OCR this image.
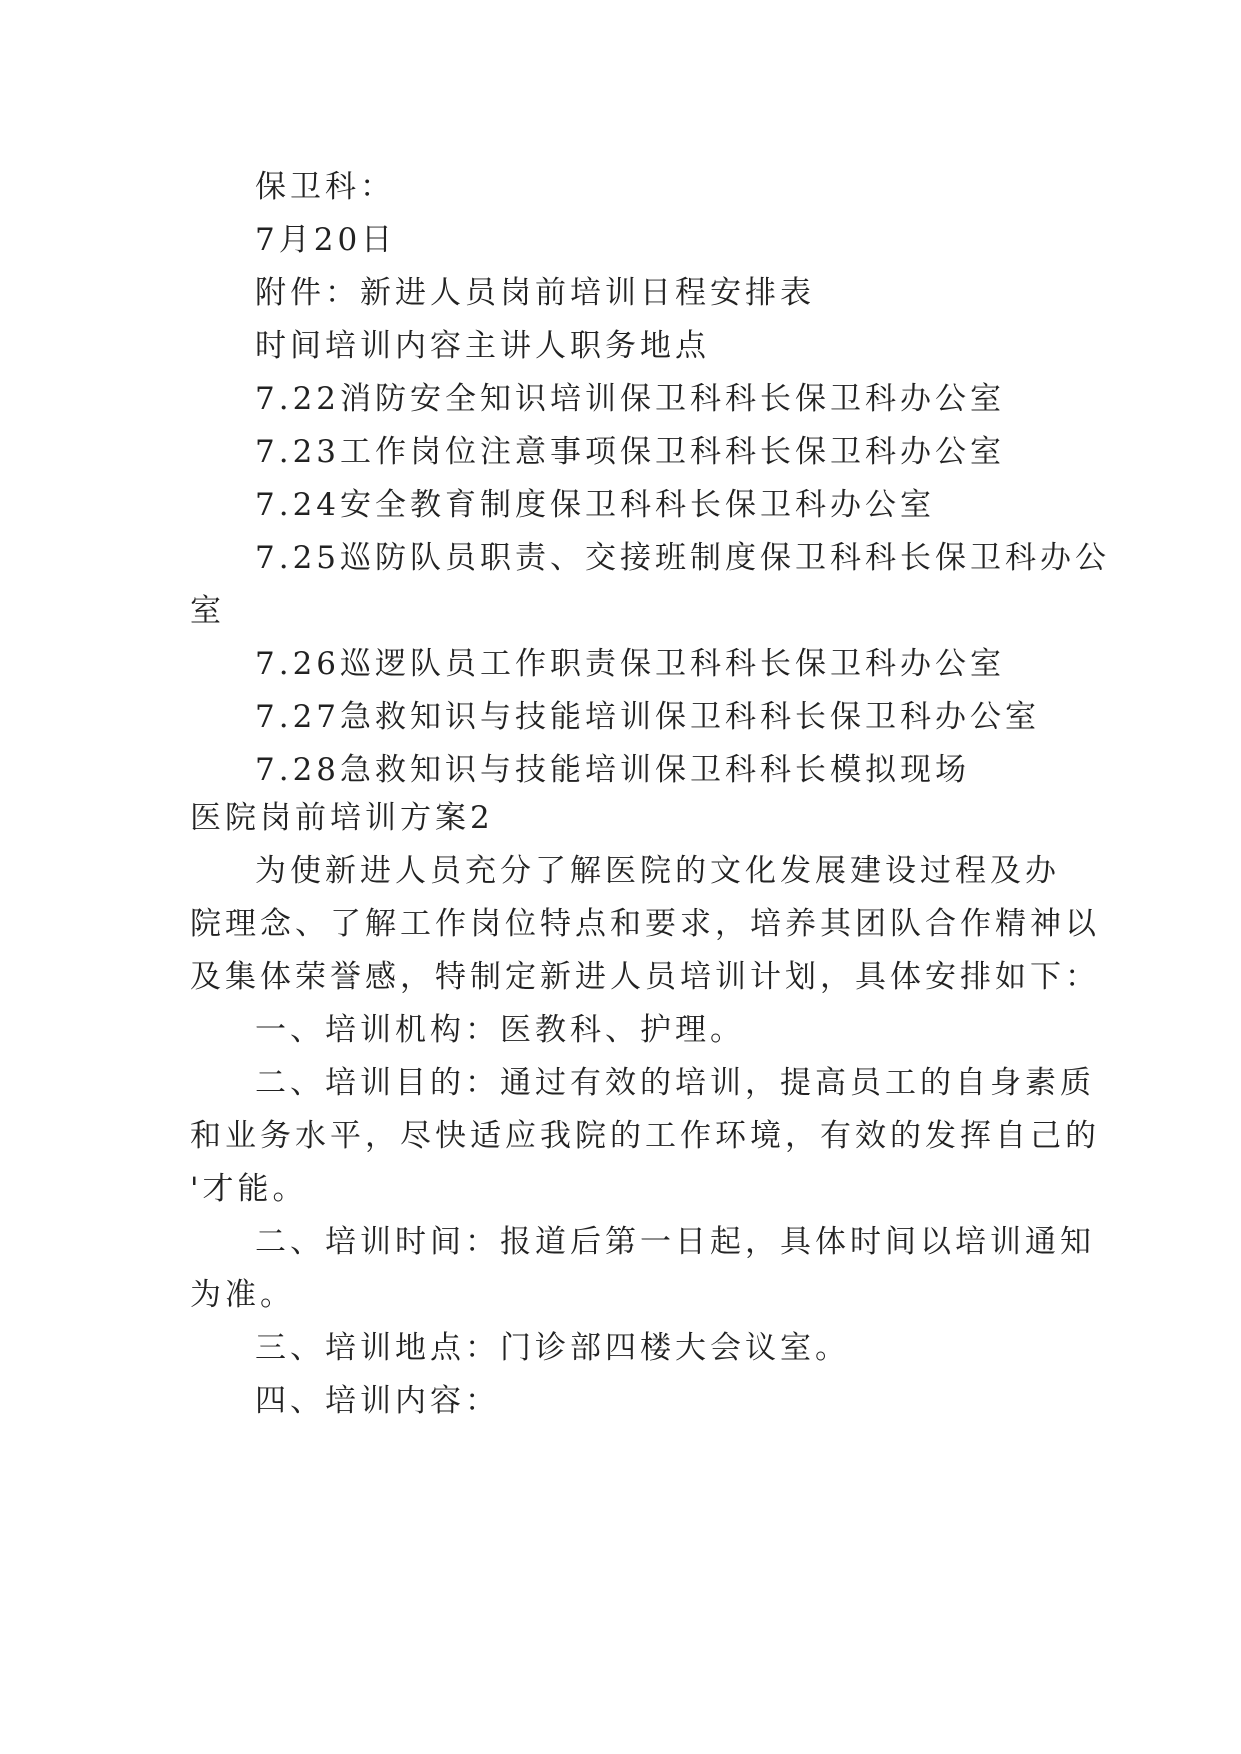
保卫科：
7月20日
附件：新进人员岗前培训日程安排表
时间培训内容主讲人职务地点
7.22消防安全知识培训保卫科科长保卫科办公室
7.23工作岗位注意事项保卫科科长保卫科办公室
7.24安全教育制度保卫科科长保卫科办公室
7.25巡防队员职责、交接班制度保卫科科长保卫科办公
室
7.26巡逻队员工作职责保卫科科长保卫科办公室
7.27急救知识与技能培训保卫科科长保卫科办公室
7.28急救知识与技能培训保卫科科长模拟现场
医院岗前培训方案2
为使新进人员充分了解医院的文化发展建设过程及办
院理念、了解工作岗位特点和要求，培养其团队合作精神以
及集体荣誉感，特制定新进人员培训计划，具体安排如下：
一、培训机构：医教科、护理。
二、培训目的：通过有效的培训，提高员工的自身素质
和业务水平，尽快适应我院的工作环境，有效的发挥自己的
'才能。
二、培训时间：报道后第一日起，具体时间以培训通知
为准。
三、培训地点：门诊部四楼大会议室。
四、培训内容：
